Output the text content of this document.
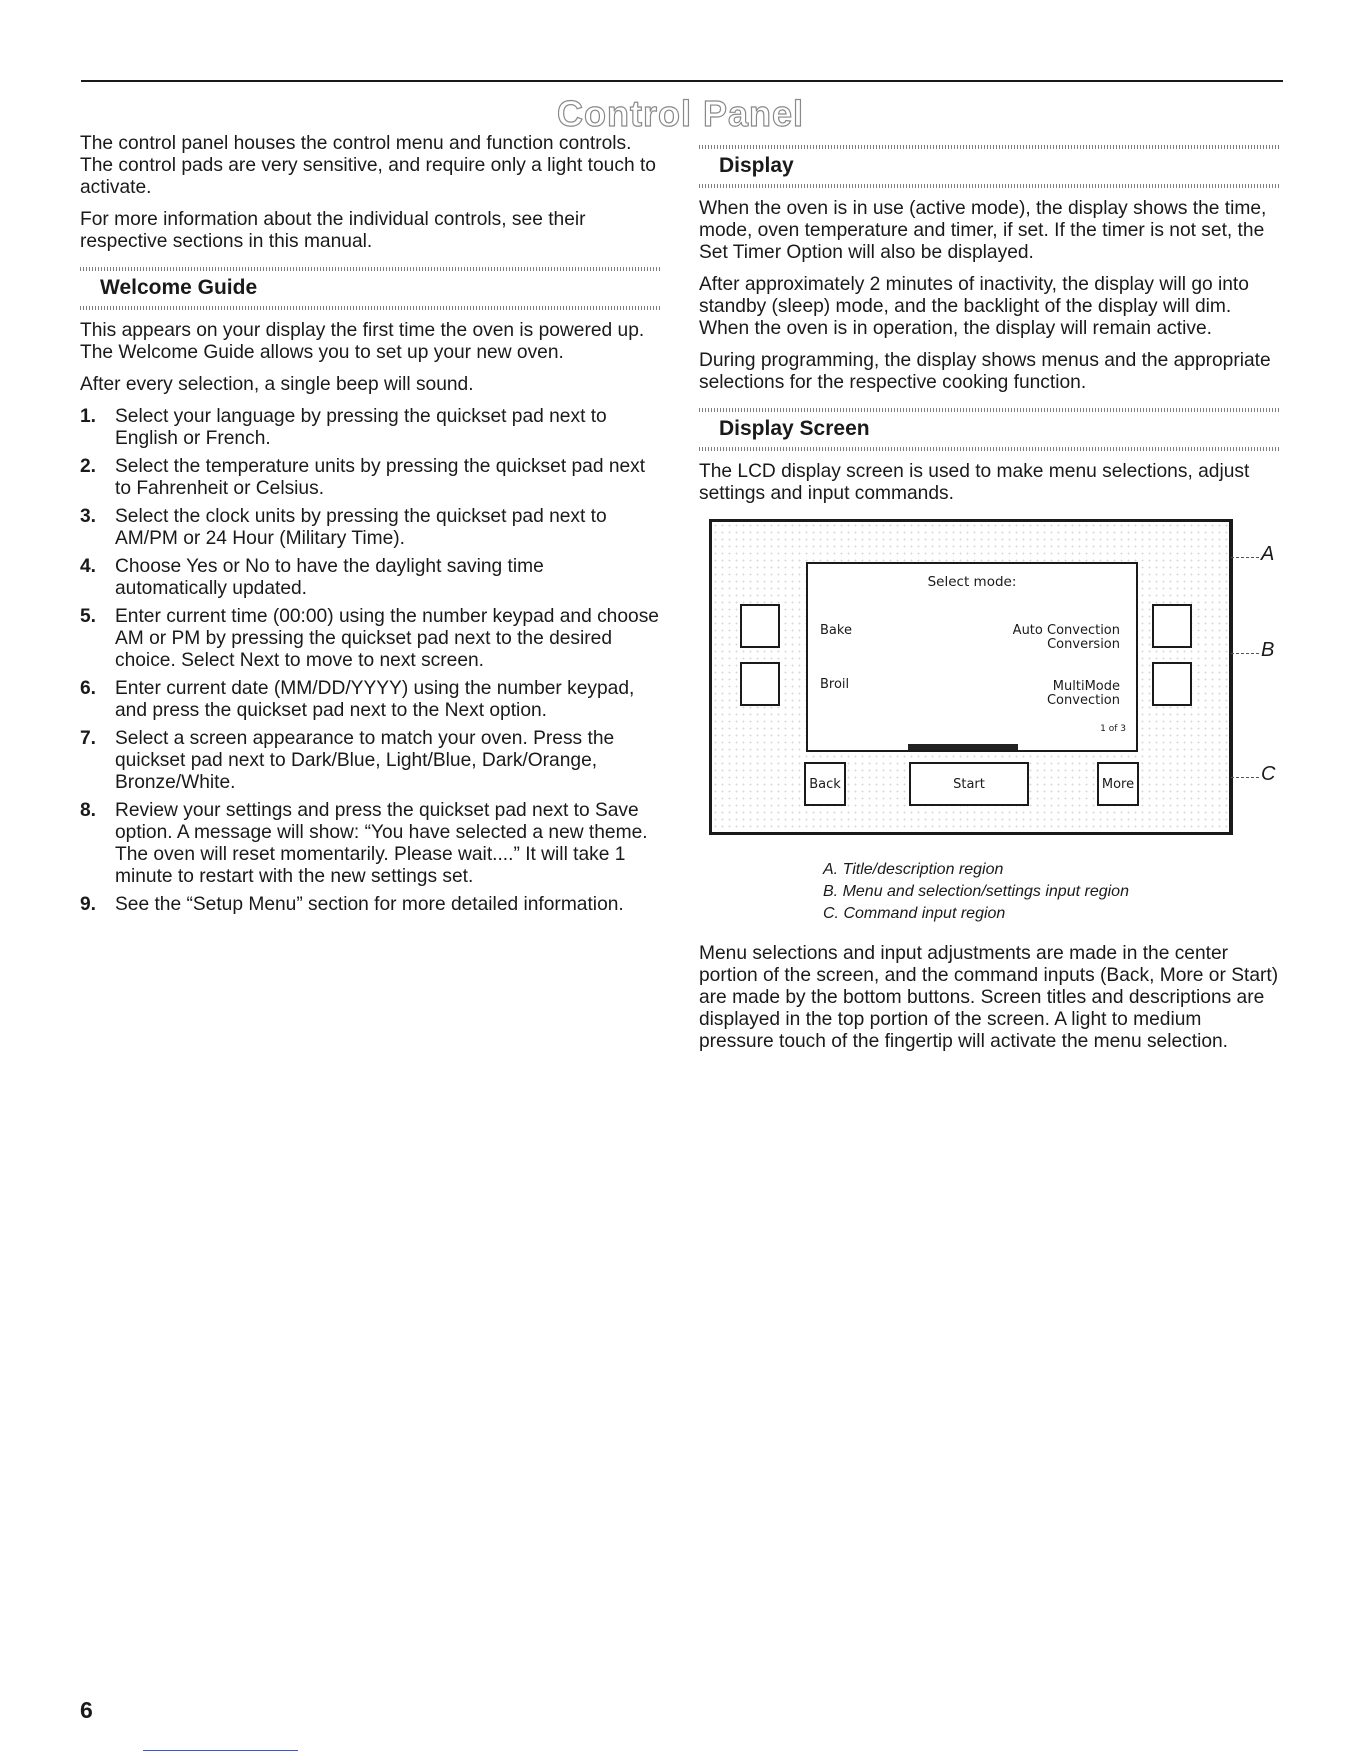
Control Panel

The control panel houses the control menu and function controls. The control pads are very sensitive, and require only a light touch to activate.

For more information about the individual controls, see their respective sections in this manual.

Welcome Guide

This appears on your display the first time the oven is powered up. The Welcome Guide allows you to set up your new oven.

After every selection, a single beep will sound.

1. Select your language by pressing the quickset pad next to English or French.
2. Select the temperature units by pressing the quickset pad next to Fahrenheit or Celsius.
3. Select the clock units by pressing the quickset pad next to AM/PM or 24 Hour (Military Time).
4. Choose Yes or No to have the daylight saving time automatically updated.
5. Enter current time (00:00) using the number keypad and choose AM or PM by pressing the quickset pad next to the desired choice. Select Next to move to next screen.
6. Enter current date (MM/DD/YYYY) using the number keypad, and press the quickset pad next to the Next option.
7. Select a screen appearance to match your oven. Press the quickset pad next to Dark/Blue, Light/Blue, Dark/Orange, Bronze/White.
8. Review your settings and press the quickset pad next to Save option. A message will show: “You have selected a new theme. The oven will reset momentarily. Please wait....” It will take 1 minute to restart with the new settings set.
9. See the “Setup Menu” section for more detailed information.
Display

When the oven is in use (active mode), the display shows the time, mode, oven temperature and timer, if set. If the timer is not set, the Set Timer Option will also be displayed.

After approximately 2 minutes of inactivity, the display will go into standby (sleep) mode, and the backlight of the display will dim. When the oven is in operation, the display will remain active.

During programming, the display shows menus and the appropriate selections for the respective cooking function.

Display Screen

The LCD display screen is used to make menu selections, adjust settings and input commands.

Select mode:
Bake	Auto Convection
Conversion
Broil	MultiMode
Convection
1 of 3
Back	Start	More
A
B
C
A. Title/description region
B. Menu and selection/settings input region
C. Command input region

Menu selections and input adjustments are made in the center portion of the screen, and the command inputs (Back, More or Start) are made by the bottom buttons. Screen titles and descriptions are displayed in the top portion of the screen. A light to medium pressure touch of the fingertip will activate the menu selection.

6
